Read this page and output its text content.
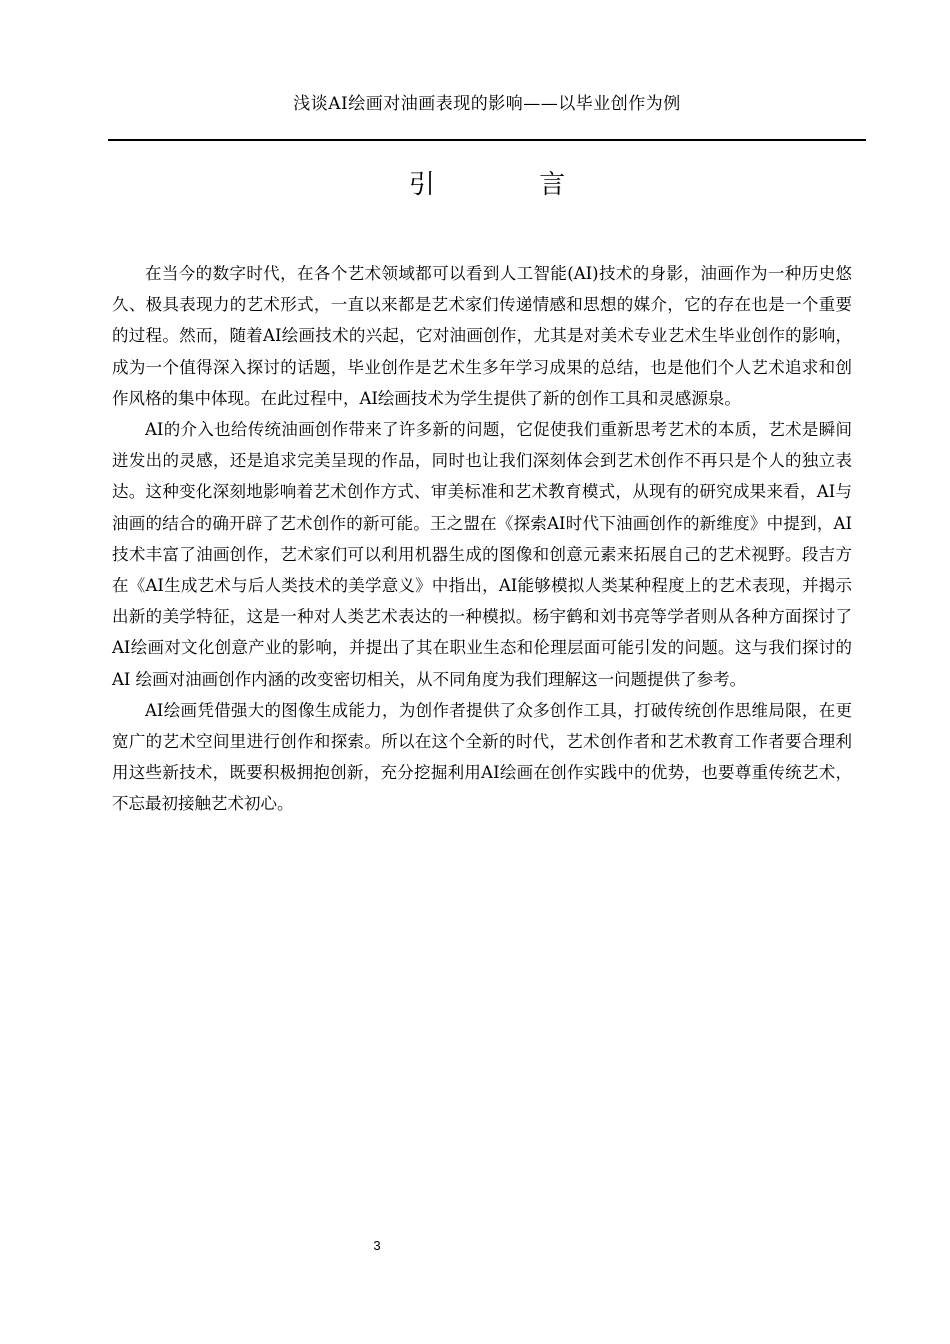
浅谈AI绘画对油画表现的影响——以毕业创作为例
引 言

在当今的数字时代，在各个艺术领域都可以看到人工智能(AI)技术的身影，油画作为一种历史悠久、极具表现力的艺术形式，一直以来都是艺术家们传递情感和思想的媒介，它的存在也是一个重要的过程。然而，随着AI绘画技术的兴起，它对油画创作，尤其是对美术专业艺术生毕业创作的影响，成为一个值得深入探讨的话题，毕业创作是艺术生多年学习成果的总结，也是他们个人艺术追求和创作风格的集中体现。在此过程中，AI绘画技术为学生提供了新的创作工具和灵感源泉。

AI的介入也给传统油画创作带来了许多新的问题，它促使我们重新思考艺术的本质，艺术是瞬间迸发出的灵感，还是追求完美呈现的作品，同时也让我们深刻体会到艺术创作不再只是个人的独立表达。这种变化深刻地影响着艺术创作方式、审美标准和艺术教育模式，从现有的研究成果来看，AI与油画的结合的确开辟了艺术创作的新可能。王之盟在《探索AI时代下油画创作的新维度》中提到，AI 技术丰富了油画创作，艺术家们可以利用机器生成的图像和创意元素来拓展自己的艺术视野。段吉方在《AI生成艺术与后人类技术的美学意义》中指出，AI能够模拟人类某种程度上的艺术表现，并揭示出新的美学特征，这是一种对人类艺术表达的一种模拟。杨宇鹤和刘书亮等学者则从各种方面探讨了AI绘画对文化创意产业的影响，并提出了其在职业生态和伦理层面可能引发的问题。这与我们探讨的 AI 绘画对油画创作内涵的改变密切相关，从不同角度为我们理解这一问题提供了参考。

AI绘画凭借强大的图像生成能力，为创作者提供了众多创作工具，打破传统创作思维局限，在更宽广的艺术空间里进行创作和探索。所以在这个全新的时代，艺术创作者和艺术教育工作者要合理利用这些新技术，既要积极拥抱创新，充分挖掘利用AI绘画在创作实践中的优势，也要尊重传统艺术，不忘最初接触艺术初心。

3
